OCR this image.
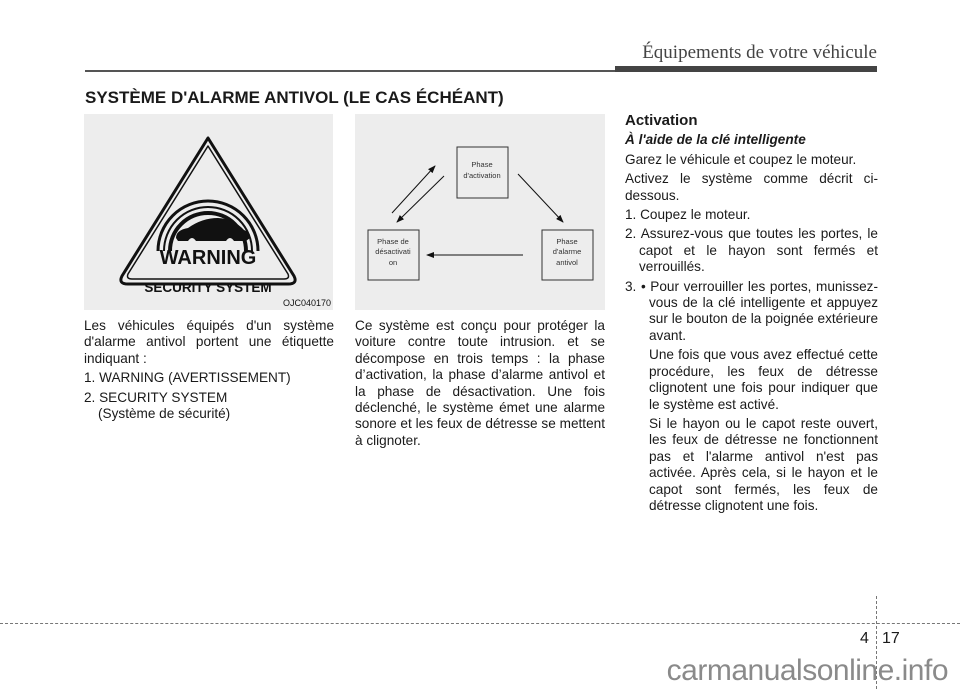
Équipements de votre véhicule
SYSTÈME D'ALARME ANTIVOL (LE CAS ÉCHÉANT)
WARNING
SECURITY SYSTEM
OJC040170
Phase d'activation
Phase de désactivati on
Phase d'alarme antivol

Les véhicules équipés d'un système d'alarme antivol portent une étiquette indiquant :

1. WARNING (AVERTISSEMENT)

2. SECURITY SYSTEM

(Système de sécurité)

Ce système est conçu pour protéger la voiture contre toute intrusion. et se décompose en trois temps : la phase d’activation, la phase d’alarme antivol et la phase de désactivation. Une fois déclenché, le système émet une alarme sonore et les feux de détresse se mettent à clignoter.

Activation
À l'aide de la clé intelligente

Garez le véhicule et coupez le moteur.

Activez le système comme décrit ci-dessous.

1. Coupez le moteur.

2. Assurez-vous que toutes les portes, le capot et le hayon sont fermés et verrouillés.

3. • Pour verrouiller les portes, munissez-vous de la clé intelligente et appuyez sur le bouton de la poignée extérieure avant.

Une fois que vous avez effectué cette procédure, les feux de détresse clignotent une fois pour indiquer que le système est activé.

Si le hayon ou le capot reste ouvert, les feux de détresse ne fonctionnent pas et l'alarme antivol n'est pas activée. Après cela, si le hayon et le capot sont fermés, les feux de détresse clignotent une fois.

4 17
carmanualsonline.info
